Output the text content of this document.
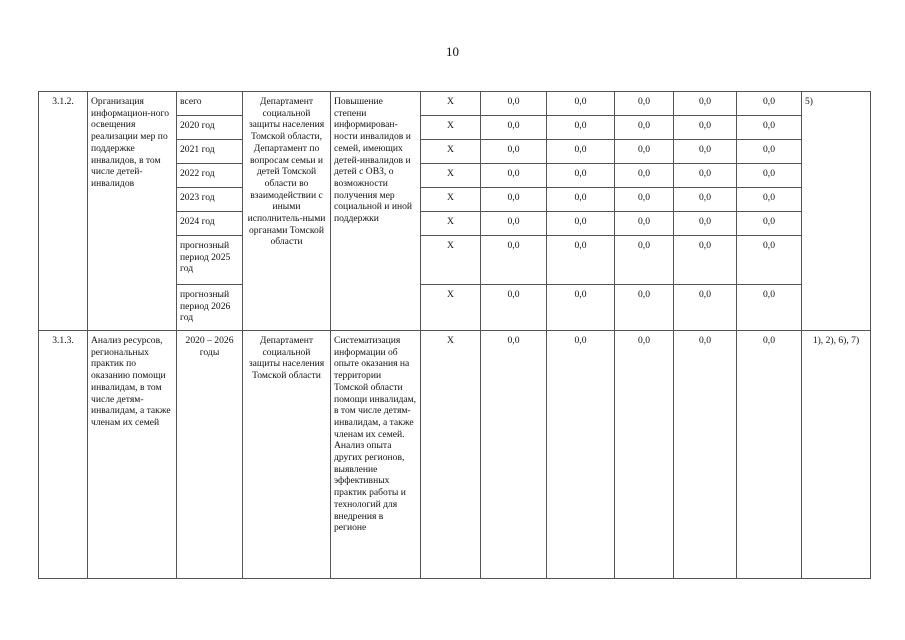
10
3.1.2.	Организация информацион-ного освещения реализации мер по поддержке инвалидов, в том числе детей-инвалидов	всего	Департамент социальной защиты населения Томской области, Департамент по вопросам семьи и детей Томской области во взаимодействии с иными исполнитель-ными органами Томской области	Повышение степени информирован-ности инвалидов и семей, имеющих детей-инвалидов и детей с ОВЗ, о возможности получения мер социальной и иной поддержки	Х	0,0	0,0	0,0	0,0	0,0	5)
		2020 год			Х	0,0	0,0	0,0	0,0	0,0	
		2021 год			Х	0,0	0,0	0,0	0,0	0,0	
		2022 год			Х	0,0	0,0	0,0	0,0	0,0	
		2023 год			Х	0,0	0,0	0,0	0,0	0,0	
		2024 год			Х	0,0	0,0	0,0	0,0	0,0	
		прогнозный период 2025 год			Х	0,0	0,0	0,0	0,0	0,0	
		прогнозный период 2026 год			Х	0,0	0,0	0,0	0,0	0,0	
3.1.3.	Анализ ресурсов, региональных практик по оказанию помощи инвалидам, в том числе детям-инвалидам, а также членам их семей	2020 – 2026 годы	Департамент социальной защиты населения Томской области	Систематизация информации об опыте оказания на территории Томской области помощи инвалидам, в том числе детям-инвалидам, а также членам их семей. Анализ опыта других регионов, выявление эффективных практик работы и технологий для внедрения в регионе	Х	0,0	0,0	0,0	0,0	0,0	1), 2), 6), 7)
